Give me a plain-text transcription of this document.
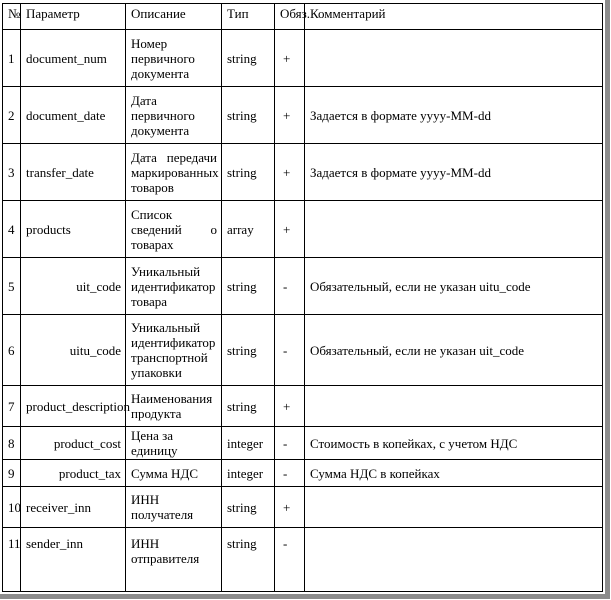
№	Параметр	Описание	Тип	Обяз.	Комментарий
1	document_num	Номер первичного документа	string	+	
2	document_date	Дата первичного документа	string	+	Задается в формате yyyy-MM-dd
3	transfer_date	Дата передачи маркированных товаров	string	+	Задается в формате yyyy-MM-dd
4	products	Список сведений о товарах	array	+	
5	uit_code	Уникальный идентификатор товара	string	-	Обязательный, если не указан uitu_code
6	uitu_code	Уникальный идентификатор транспортной упаковки	string	-	Обязательный, если не указан uit_code
7	product_description	Наименования продукта	string	+	
8	product_cost	Цена за единицу	integer	-	Стоимость в копейках, с учетом НДС
9	product_tax	Сумма НДС	integer	-	Сумма НДС в копейках
10	receiver_inn	ИНН получателя	string	+	
11	sender_inn	ИНН отправителя	string	-	
